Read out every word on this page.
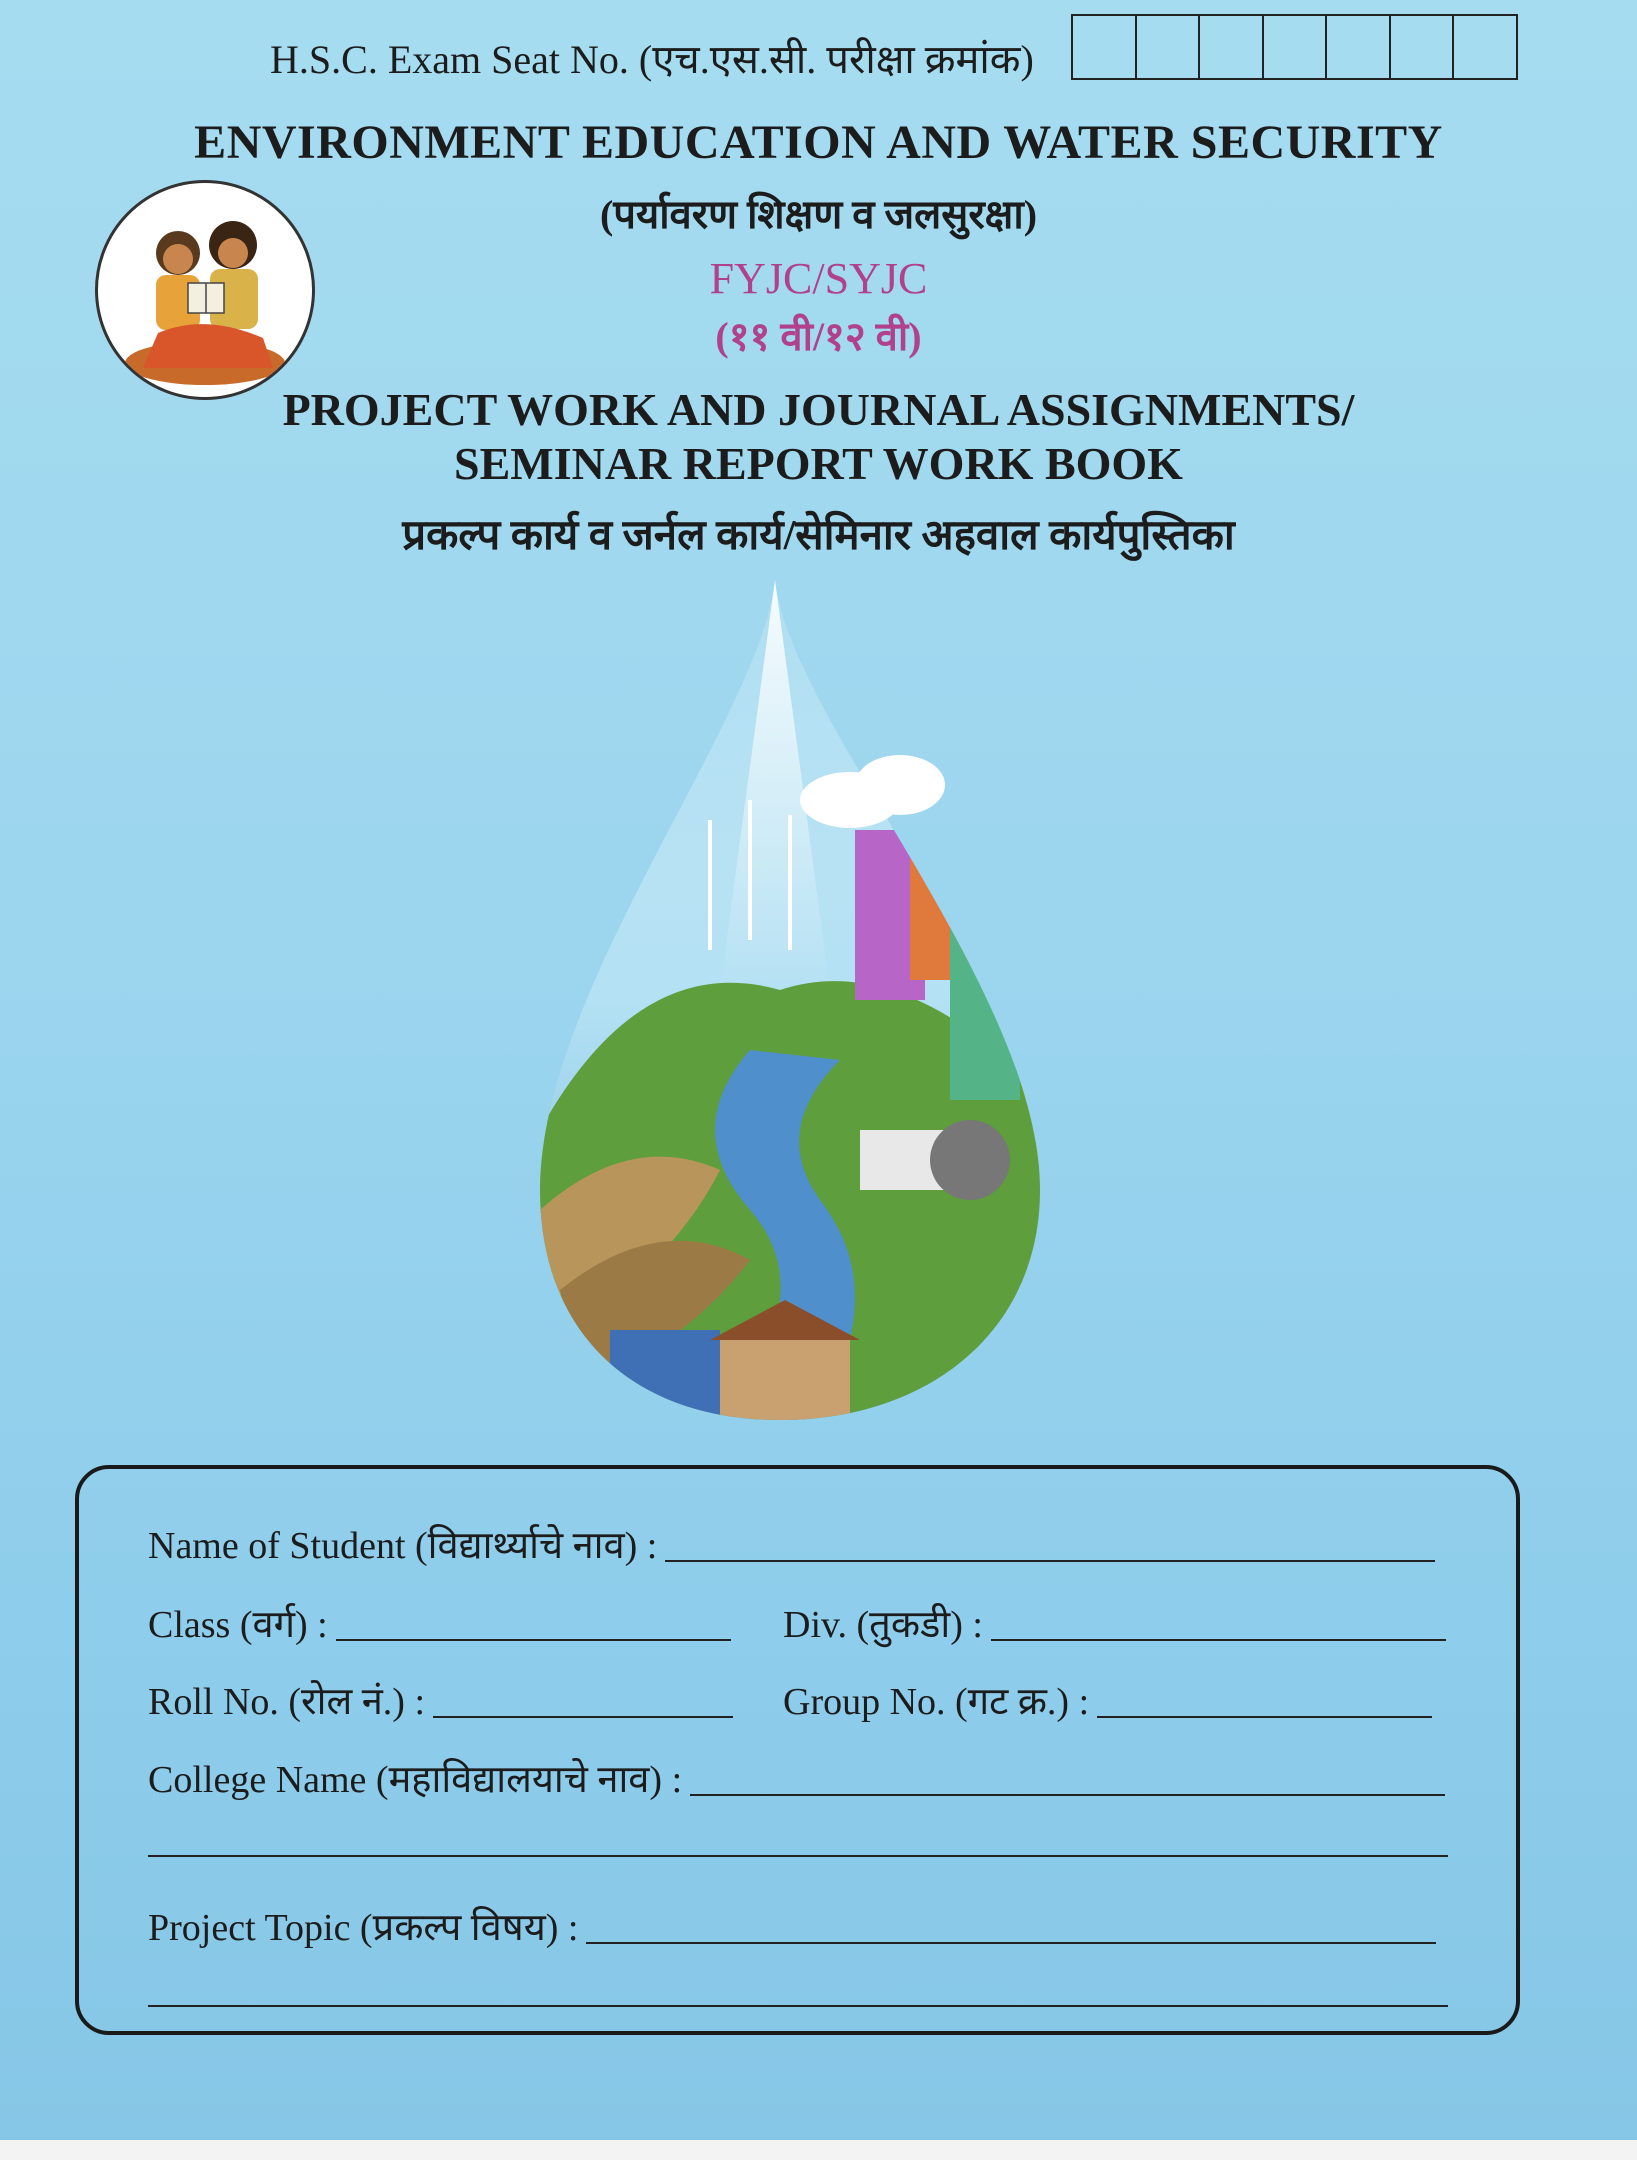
H.S.C. Exam Seat No. (एच.एस.सी. परीक्षा क्रमांक)
ENVIRONMENT EDUCATION AND WATER SECURITY
(पर्यावरण शिक्षण व जलसुरक्षा)
FYJC/SYJC
(११ वी/१२ वी)
PROJECT WORK AND JOURNAL ASSIGNMENTS/
SEMINAR REPORT WORK BOOK
प्रकल्प कार्य व जर्नल कार्य/सेमिनार अहवाल कार्यपुस्तिका
Name of Student (विद्यार्थ्याचे नाव) :
Class (वर्ग) :	Div. (तुकडी) :
Roll No. (रोल नं.) :	Group No. (गट क्र.) :
College Name (महाविद्यालयाचे नाव) :
Project Topic (प्रकल्प विषय) :
